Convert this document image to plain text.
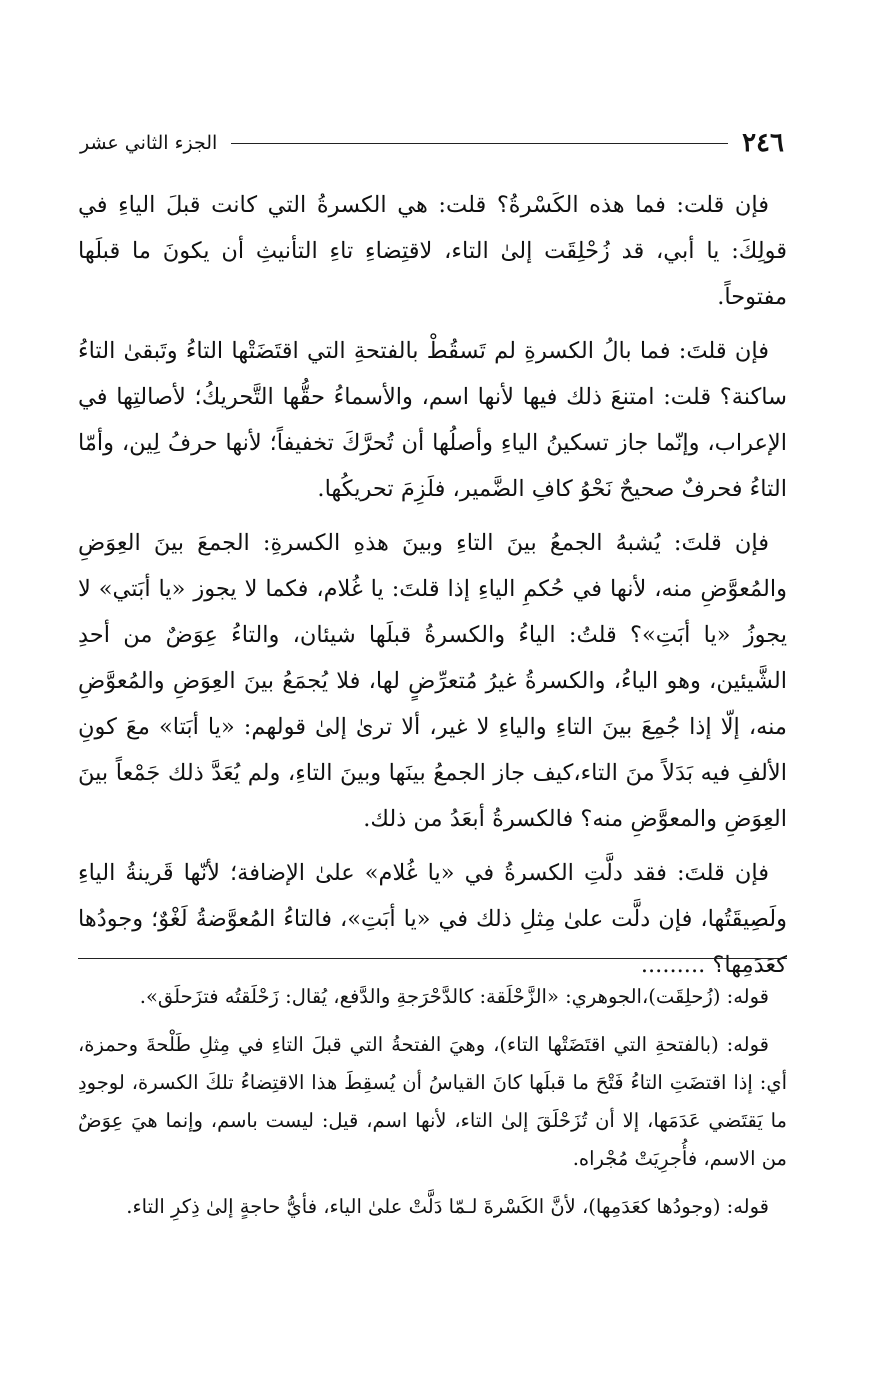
٢٤٦
الجزء الثاني عشر

فإن قلت: فما هذه الكَسْرةُ؟ قلت: هي الكسرةُ التي كانت قبلَ الياءِ في قولِكَ: يا أبي، قد زُحْلِقَت إلىٰ التاء، لاقتِضاءِ تاءِ التأنيثِ أن يكونَ ما قبلَها مفتوحاً.

فإن قلتَ: فما بالُ الكسرةِ لم تَسقُطْ بالفتحةِ التي اقتَضَتْها التاءُ وتَبقىٰ التاءُ ساكنة؟ قلت: امتنعَ ذلك فيها لأنها اسم، والأسماءُ حقُّها التَّحريكُ؛ لأصالتِها في الإعراب، وإنّما جاز تسكينُ الياءِ وأصلُها أن تُحرَّكَ تخفيفاً؛ لأنها حرفُ لِين، وأمّا التاءُ فحرفٌ صحيحٌ نَحْوُ كافِ الضَّمير، فلَزِمَ تحريكُها.

فإن قلتَ: يُشبهُ الجمعُ بينَ التاءِ وبينَ هذهِ الكسرةِ: الجمعَ بينَ العِوَضِ والمُعوَّضِ منه، لأنها في حُكمِ الياءِ إذا قلتَ: يا غُلام، فكما لا يجوز «يا أبَتي» لا يجوزُ «يا أبَتِ»؟ قلتُ: الياءُ والكسرةُ قبلَها شيئان، والتاءُ عِوَضٌ من أحدِ الشَّيئين، وهو الياءُ، والكسرةُ غيرُ مُتعرِّضٍ لها، فلا يُجمَعُ بينَ العِوَضِ والمُعوَّضِ منه، إلّا إذا جُمِعَ بينَ التاءِ والياءِ لا غير، ألا ترىٰ إلىٰ قولهم: «يا أبَتا» معَ كونِ الألفِ فيه بَدَلاً منَ التاء،كيف جاز الجمعُ بينَها وبينَ التاءِ، ولم يُعَدَّ ذلك جَمْعاً بينَ العِوَضِ والمعوَّضِ منه؟ فالكسرةُ أبعَدُ من ذلك.

فإن قلتَ: فقد دلَّتِ الكسرةُ في «يا غُلام» علىٰ الإضافة؛ لأنّها قَرينةُ الياءِ ولَصِيقَتُها، فإن دلَّت علىٰ مِثلِ ذلك في «يا أبَتِ»، فالتاءُ المُعوَّضةُ لَغْوٌ؛ وجودُها كعَدَمِها؟ .........

قوله: (زُحلِقَت)،الجوهري: «الزَّحْلَقة: كالدَّحْرَجةِ والدَّفع، يُقال: زَحْلَقتُه فتزَحلَق».

قوله: (بالفتحةِ التي اقتَضَتْها التاء)، وهيَ الفتحةُ التي قبلَ التاءِ في مِثلِ طَلْحةَ وحمزة، أي: إذا اقتضَتِ التاءُ فَتْحَ ما قبلَها كانَ القياسُ أن يُسقِطَ هذا الاقتِضاءُ تلكَ الكسرة، لوجودِ ما يَقتَضي عَدَمَها، إلا أن تُزَحْلَقَ إلىٰ التاء، لأنها اسم، قيل: ليست باسم، وإنما هيَ عِوَضٌ من الاسم، فأُجرِيَتْ مُجْراه.

قوله: (وجودُها كعَدَمِها)، لأنَّ الكَسْرةَ لـمّا دَلَّتْ علىٰ الياء، فأيُّ حاجةٍ إلىٰ ذِكرِ التاء.
